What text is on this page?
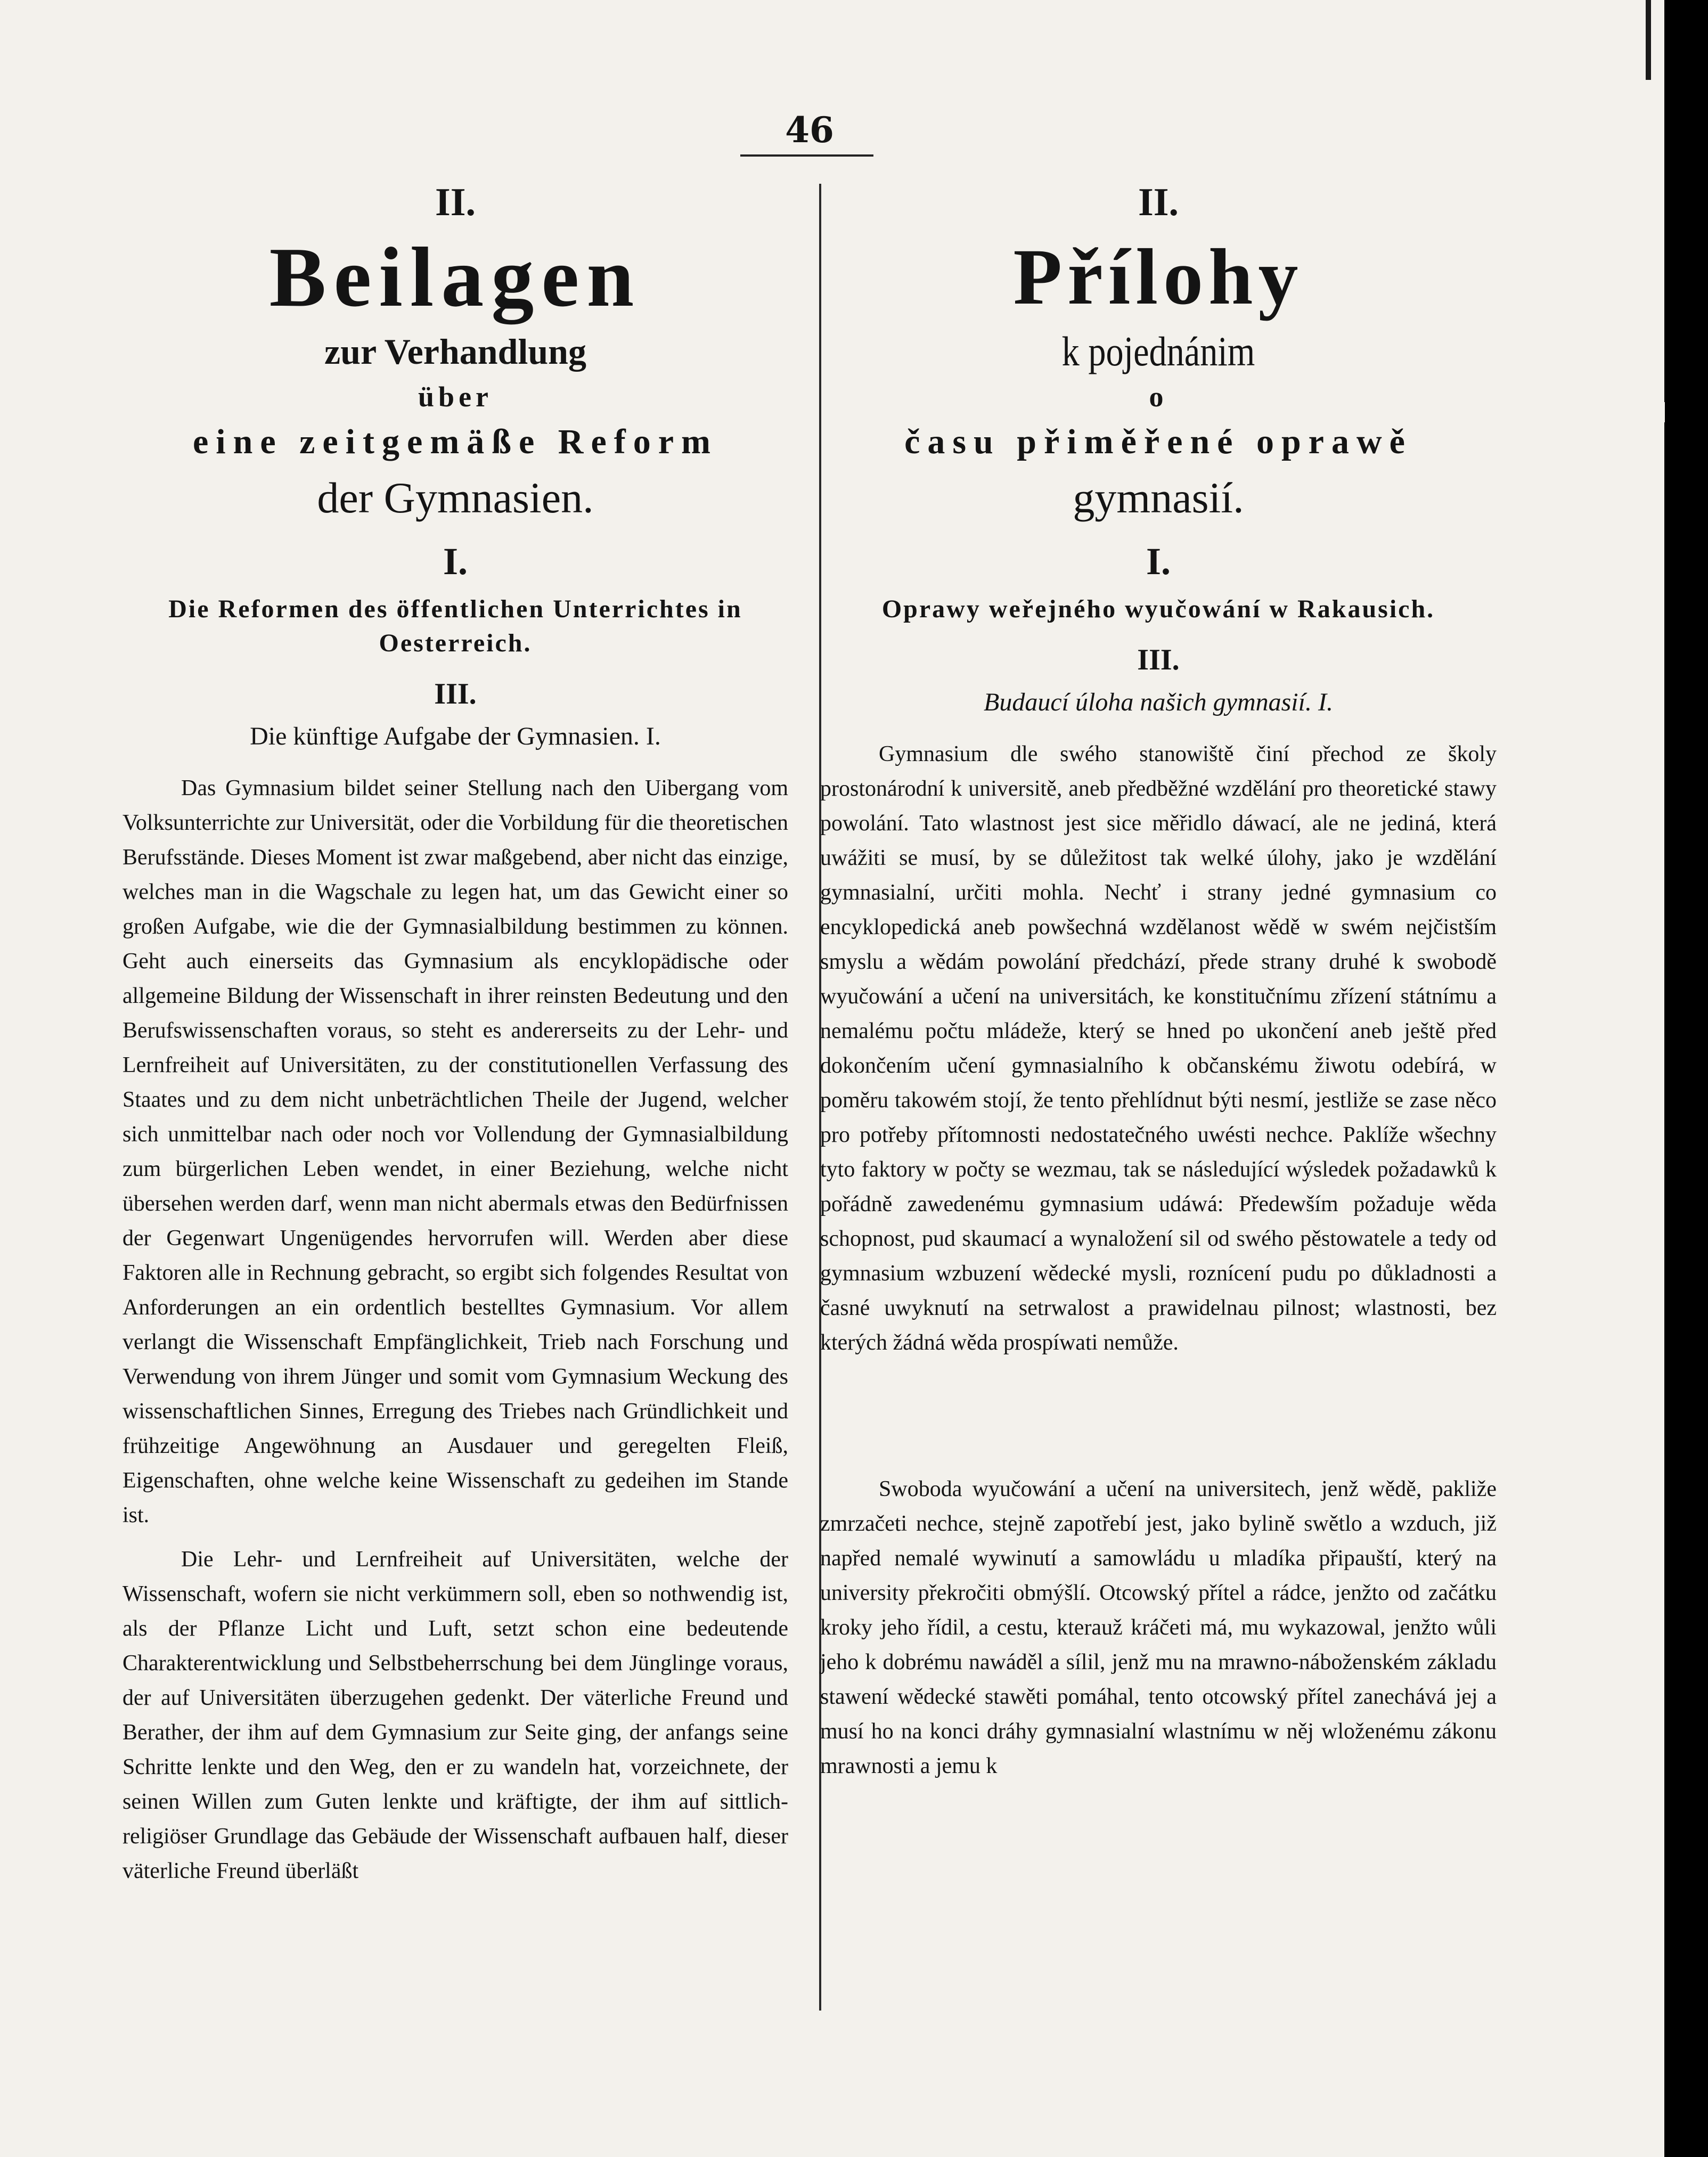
46

II.

Beilagen

zur Verhandlung

über

eine zeitgemäße Reform

der Gymnasien.

I.

Die Reformen des öffentlichen Unterrichtes in Oesterreich.

III.

Die künftige Aufgabe der Gymnasien. I.

Das Gymnasium bildet seiner Stellung nach den Uibergang vom Volksunterrichte zur Universität, oder die Vorbildung für die theoretischen Berufsstände. Dieses Moment ist zwar maßgebend, aber nicht das einzige, welches man in die Wagschale zu legen hat, um das Gewicht einer so großen Aufgabe, wie die der Gymnasialbildung bestimmen zu können. Geht auch einerseits das Gymnasium als encyklopädische oder allgemeine Bildung der Wissenschaft in ihrer reinsten Bedeutung und den Berufswissenschaften voraus, so steht es andererseits zu der Lehr- und Lernfreiheit auf Universitäten, zu der constitutionellen Verfassung des Staates und zu dem nicht unbeträchtlichen Theile der Jugend, welcher sich unmittelbar nach oder noch vor Vollendung der Gymnasialbildung zum bürgerlichen Leben wendet, in einer Beziehung, welche nicht übersehen werden darf, wenn man nicht abermals etwas den Bedürfnissen der Gegenwart Ungenügendes hervorrufen will. Werden aber diese Faktoren alle in Rechnung gebracht, so ergibt sich folgendes Resultat von Anforderungen an ein ordentlich bestelltes Gymnasium. Vor allem verlangt die Wissenschaft Empfänglichkeit, Trieb nach Forschung und Verwendung von ihrem Jünger und somit vom Gymnasium Weckung des wissenschaftlichen Sinnes, Erregung des Triebes nach Gründlichkeit und frühzeitige Angewöhnung an Ausdauer und geregelten Fleiß, Eigenschaften, ohne welche keine Wissenschaft zu gedeihen im Stande ist.

Die Lehr- und Lernfreiheit auf Universitäten, welche der Wissenschaft, wofern sie nicht verkümmern soll, eben so nothwendig ist, als der Pflanze Licht und Luft, setzt schon eine bedeutende Charakterentwicklung und Selbstbeherrschung bei dem Jünglinge voraus, der auf Universitäten überzugehen gedenkt. Der väterliche Freund und Berather, der ihm auf dem Gymnasium zur Seite ging, der anfangs seine Schritte lenkte und den Weg, den er zu wandeln hat, vorzeichnete, der seinen Willen zum Guten lenkte und kräftigte, der ihm auf sittlich-religiöser Grundlage das Gebäude der Wissenschaft aufbauen half, dieser väterliche Freund überläßt

II.

Přílohy

k pojednánim

o

času přiměřené oprawě

gymnasií.

I.

Oprawy weřejného wyučowání w Rakausich.

III.

Budaucí úloha našich gymnasií. I.

Gymnasium dle swého stanowiště činí přechod ze školy prostonárodní k universitě, aneb předběžné wzdělání pro theoretické stawy powolání. Tato wlastnost jest sice měřidlo dáwací, ale ne jediná, která uwážiti se musí, by se důležitost tak welké úlohy, jako je wzdělání gymnasialní, určiti mohla. Nechť i strany jedné gymnasium co encyklopedická aneb powšechná wzdělanost wědě w swém nejčistším smyslu a wědám powolání předchází, přede strany druhé k swobodě wyučowání a učení na universitách, ke konstitučnímu zřízení státnímu a nemalému počtu mládeže, který se hned po ukončení aneb ještě před dokončením učení gymnasialního k občanskému žiwotu odebírá, w poměru takowém stojí, že tento přehlídnut býti nesmí, jestliže se zase něco pro potřeby přítomnosti nedostatečného uwésti nechce. Paklíže wšechny tyto faktory w počty se wezmau, tak se následující wýsledek požadawků k pořádně zawedenému gymnasium udáwá: Předewším požaduje wěda schopnost, pud skaumací a wynaložení sil od swého pěstowatele a tedy od gymnasium wzbuzení wědecké mysli, roznícení pudu po důkladnosti a časné uwyknutí na setrwalost a prawidelnau pilnost; wlastnosti, bez kterých žádná wěda prospíwati nemůže.

Swoboda wyučowání a učení na universitech, jenž wědě, pakliže zmrzačeti nechce, stejně zapotřebí jest, jako bylině swětlo a wzduch, již napřed nemalé wywinutí a samowládu u mladíka připauští, který na university překročiti obmýšlí. Otcowský přítel a rádce, jenžto od začátku kroky jeho řídil, a cestu, kterauž kráčeti má, mu wykazowal, jenžto wůli jeho k dobrému nawáděl a sílil, jenž mu na mrawno-náboženském základu stawení wědecké stawěti pomáhal, tento otcowský přítel zanechává jej a musí ho na konci dráhy gymnasialní wlastnímu w něj wloženému zákonu mrawnosti a jemu k
